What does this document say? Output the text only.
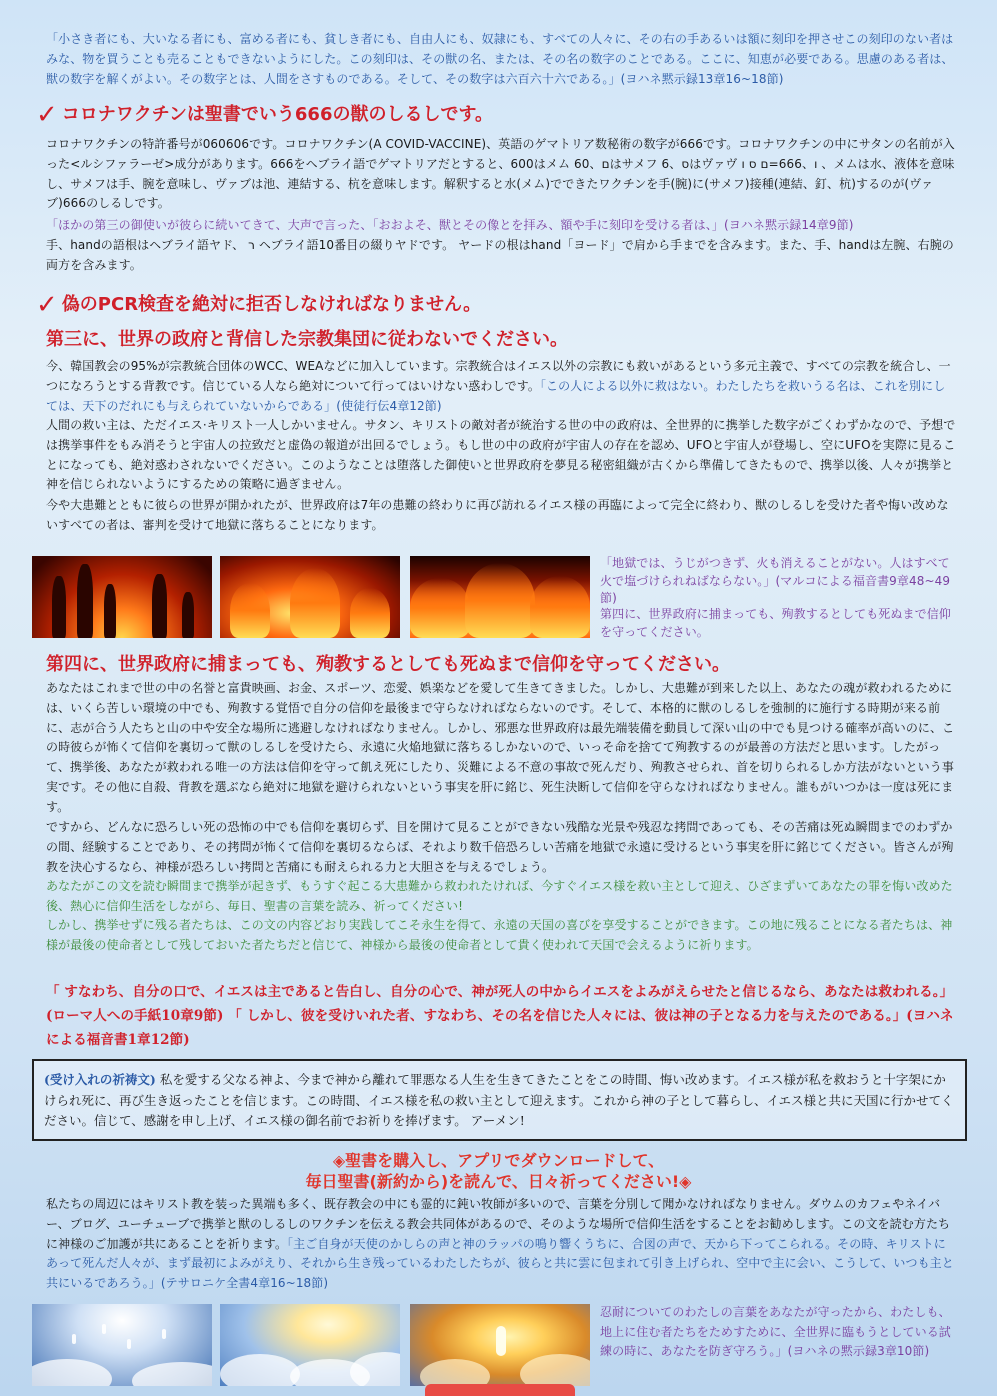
「小さき者にも、大いなる者にも、富める者にも、貧しき者にも、自由人にも、奴隷にも、すべての人々に、その右の手あるいは額に刻印を押させこの刻印のない者はみな、物を買うことも売ることもできないようにした。この刻印は、その獣の名、または、その名の数字のことである。ここに、知恵が必要である。思慮のある者は、獣の数字を解くがよい。その数字とは、人間をさすものである。そして、その数字は六百六十六である。」(ヨハネ黙示録13章16~18節)
✓ コロナワクチンは聖書でいう666の獣のしるしです。
コロナワクチンの特許番号が060606です。コロナワクチン(A COVID-VACCINE)、英語のゲマトリア数秘術の数字が666です。コロナワクチンの中にサタンの名前が入った<ルシファラーゼ>成分があります。666をヘブライ語でゲマトリアだとすると、600はメム ם、60はサメフ ס、6はヴァヴ ו、666=ם ס ו 、メムは水、液体を意味し、サメフは手、腕を意味し、ヴァブは池、連結する、杭を意味します。解釈すると水(メム)でできたワクチンを手(腕)に(サメフ)接種(連結、釘、杭)するのが(ヴァブ)666のしるしです。
「ほかの第三の御使いが彼らに続いてきて、大声で言った、「おおよそ、獣とその像とを拝み、額や手に刻印を受ける者は、」(ヨハネ黙示録14章9節)
手、handの語根はヘブライ語ヤド、 ר ヘブライ語10番目の綴りヤドです。 ヤードの根はhand「ヨード」で肩から手までを含みます。また、手、handは左腕、右腕の両方を含みます。
✓ 偽のPCR検査を絶対に拒否しなければなりません。
第三に、世界の政府と背信した宗教集団に従わないでください。
今、韓国教会の95%が宗教統合団体のWCC、WEAなどに加入しています。宗教統合はイエス以外の宗教にも救いがあるという多元主義で、すべての宗教を統合し、一つになろうとする背教です。信じている人なら絶対について行ってはいけない惑わしです。「この人による以外に救はない。わたしたちを救いうる名は、これを別にしては、天下のだれにも与えられていないからである」(使徒行伝4章12節)
人間の救い主は、ただイエス·キリスト一人しかいません。サタン、キリストの敵対者が統治する世の中の政府は、全世界的に携挙した数字がごくわずかなので、予想では携挙事件をもみ消そうと宇宙人の拉致だと虚偽の報道が出回るでしょう。もし世の中の政府が宇宙人の存在を認め、UFOと宇宙人が登場し、空にUFOを実際に見ることになっても、絶対惑わされないでください。このようなことは堕落した御使いと世界政府を夢見る秘密組織が古くから準備してきたもので、携挙以後、人々が携挙と神を信じられないようにするための策略に過ぎません。
今や大患難とともに彼らの世界が開かれたが、世界政府は7年の患難の終わりに再び訪れるイエス様の再臨によって完全に終わり、獣のしるしを受けた者や悔い改めないすべての者は、審判を受けて地獄に落ちることになります。
「地獄では、うじがつきず、火も消えることがない。人はすべて火で塩づけられねばならない。」(マルコによる福音書9章48~49節)
第四に、世界政府に捕まっても、殉教するとしても死ぬまで信仰を守ってください。
第四に、世界政府に捕まっても、殉教するとしても死ぬまで信仰を守ってください。
あなたはこれまで世の中の名誉と富貴映画、お金、スポーツ、恋愛、娯楽などを愛して生きてきました。しかし、大患難が到来した以上、あなたの魂が救われるためには、いくら苦しい環境の中でも、殉教する覚悟で自分の信仰を最後まで守らなければならないのです。そして、本格的に獣のしるしを強制的に施行する時期が来る前に、志が合う人たちと山の中や安全な場所に逃避しなければなりません。しかし、邪悪な世界政府は最先端装備を動員して深い山の中でも見つける確率が高いのに、この時彼らが怖くて信仰を裏切って獣のしるしを受けたら、永遠に火焔地獄に落ちるしかないので、いっそ命を捨てて殉教するのが最善の方法だと思います。したがって、携挙後、あなたが救われる唯一の方法は信仰を守って飢え死にしたり、災難による不意の事故で死んだり、殉教させられ、首を切りられるしか方法がないという事実です。その他に自殺、背教を選ぶなら絶対に地獄を避けられないという事実を肝に銘じ、死生決断して信仰を守らなければなりません。誰もがいつかは一度は死にます。
ですから、どんなに恐ろしい死の恐怖の中でも信仰を裏切らず、目を開けて見ることができない残酷な光景や残忍な拷問であっても、その苦痛は死ぬ瞬間までのわずかの間、経験することであり、その拷問が怖くて信仰を裏切るならば、それより数千倍恐ろしい苦痛を地獄で永遠に受けるという事実を肝に銘じてください。皆さんが殉教を決心するなら、神様が恐ろしい拷問と苦痛にも耐えられる力と大胆さを与えるでしょう。
あなたがこの文を読む瞬間まで携挙が起きず、もうすぐ起こる大患難から救われたければ、今すぐイエス様を救い主として迎え、ひざまずいてあなたの罪を悔い改めた後、熱心に信仰生活をしながら、毎日、聖書の言葉を読み、祈ってください!
しかし、携挙せずに残る者たちは、この文の内容どおり実践してこそ永生を得て、永遠の天国の喜びを享受することができます。この地に残ることになる者たちは、神様が最後の使命者として残しておいた者たちだと信じて、神様から最後の使命者として貴く使われて天国で会えるように祈ります。
「 すなわち、自分の口で、イエスは主であると告白し、自分の心で、神が死人の中からイエスをよみがえらせたと信じるなら、あなたは救われる。」(ローマ人への手紙10章9節) 「 しかし、彼を受けいれた者、すなわち、その名を信じた人々には、彼は神の子となる力を与えたのである。」(ヨハネによる福音書1章12節)
(受け入れの祈祷文) 私を愛する父なる神よ、今まで神から離れて罪悪なる人生を生きてきたことをこの時間、悔い改めます。イエス様が私を救おうと十字架にかけられ死に、再び生き返ったことを信じます。この時間、イエス様を私の救い主として迎えます。これから神の子として暮らし、イエス様と共に天国に行かせてください。信じて、感謝を申し上げ、イエス様の御名前でお祈りを捧げます。 アーメン!
◈聖書を購入し、アプリでダウンロードして、
毎日聖書(新約から)を読んで、日々祈ってください!◈
私たちの周辺にはキリスト教を装った異端も多く、既存教会の中にも霊的に鈍い牧師が多いので、言葉を分別して聞かなければなりません。ダウムのカフェやネイバー、ブログ、ユーチューブで携挙と獣のしるしのワクチンを伝える教会共同体があるので、そのような場所で信仰生活をすることをお勧めします。この文を読む方たちに神様のご加護が共にあることを祈ります。「主ご自身が天使のかしらの声と神のラッパの鳴り響くうちに、合図の声で、天から下ってこられる。その時、キリストにあって死んだ人々が、まず最初によみがえり、それから生き残っているわたしたちが、彼らと共に雲に包まれて引き上げられ、空中で主に会い、こうして、いつも主と共にいるであろう。」(テサロニケ全書4章16~18節)
忍耐についてのわたしの言葉をあなたが守ったから、わたしも、地上に住む者たちをためすために、全世界に臨もうとしている試練の時に、あなたを防ぎ守ろう。」(ヨハネの黙示録3章10節)
